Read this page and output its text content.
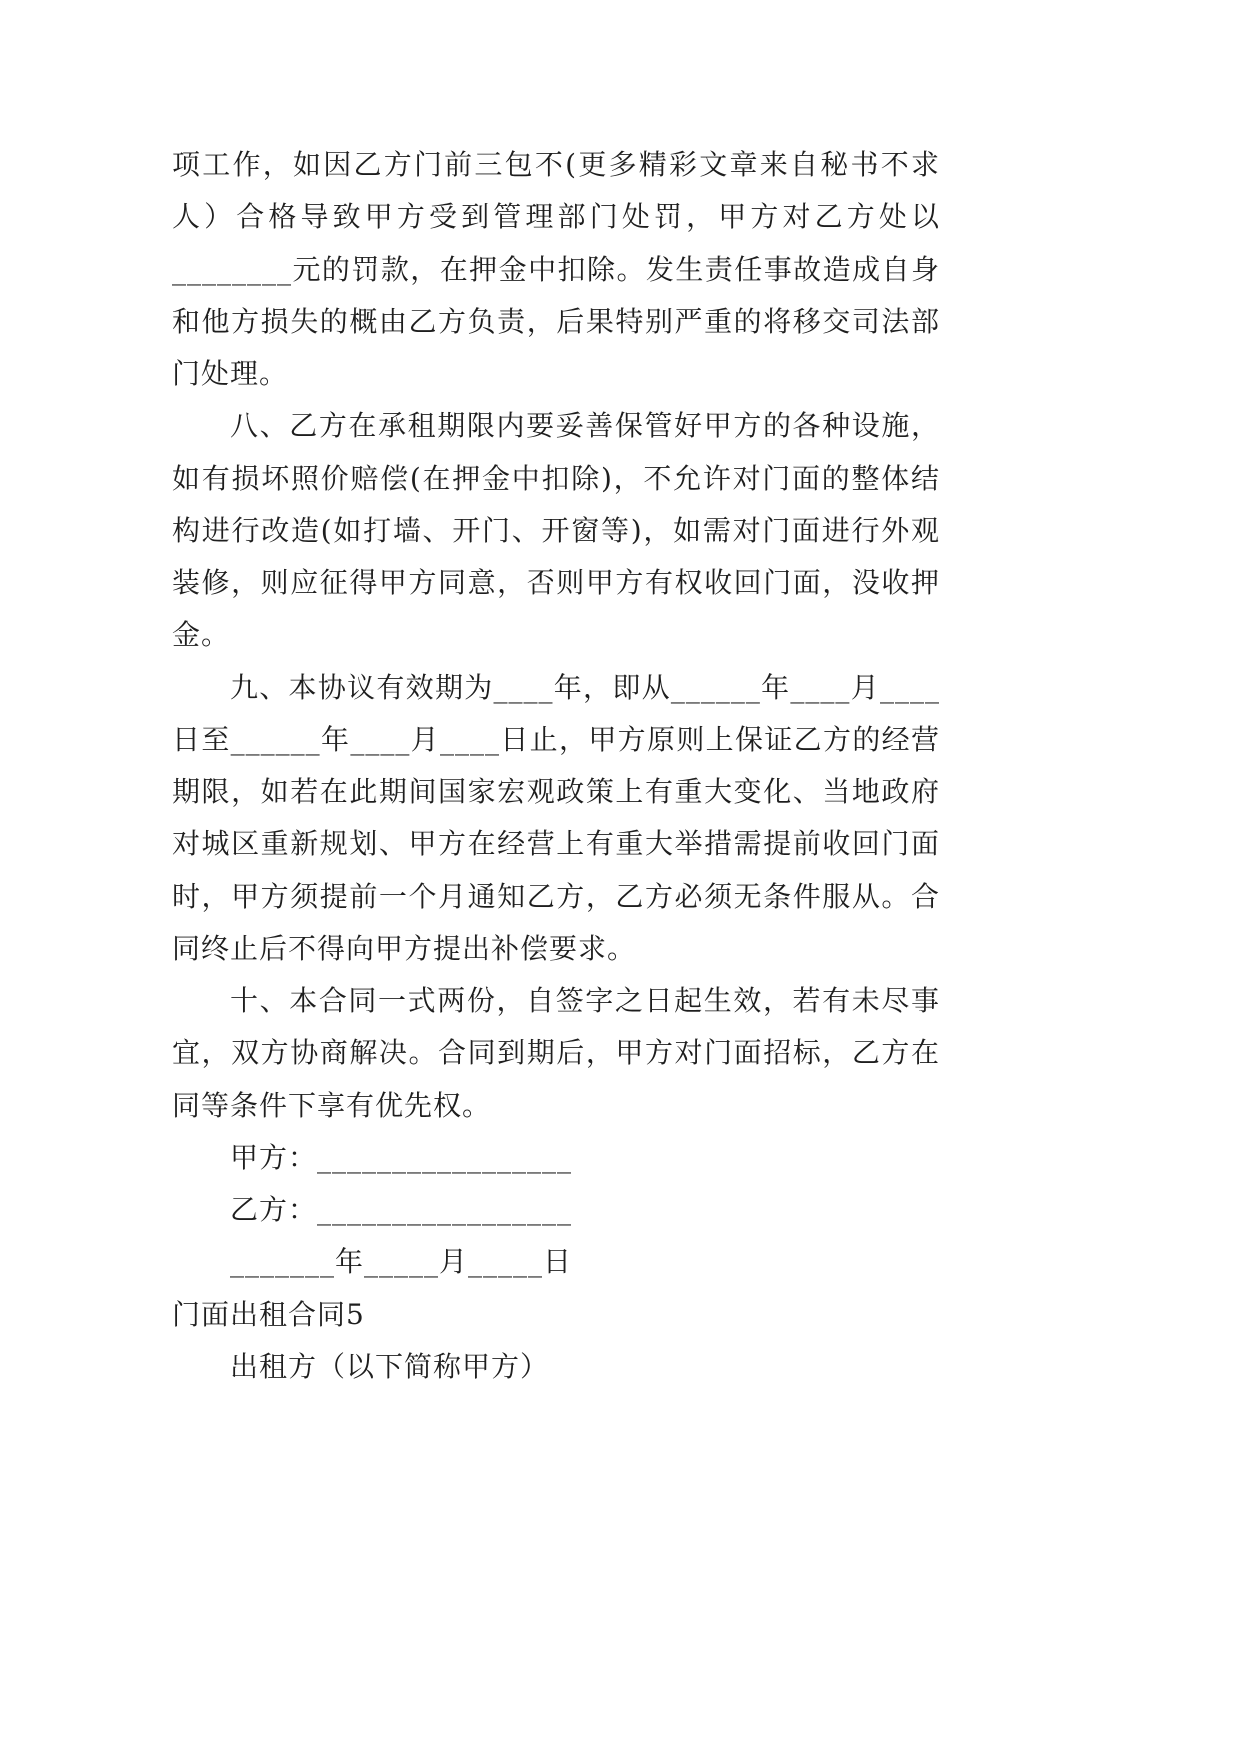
项工作，如因乙方门前三包不(更多精彩文章来自秘书不求
人）合格导致甲方受到管理部门处罚，甲方对乙方处以
________元的罚款，在押金中扣除。发生责任事故造成自身
和他方损失的概由乙方负责，后果特别严重的将移交司法部
门处理。
八、乙方在承租期限内要妥善保管好甲方的各种设施，
如有损坏照价赔偿(在押金中扣除)，不允许对门面的整体结
构进行改造(如打墙、开门、开窗等)，如需对门面进行外观
装修，则应征得甲方同意，否则甲方有权收回门面，没收押
金。
九、本协议有效期为____年，即从______年____月____
日至______年____月____日止，甲方原则上保证乙方的经营
期限，如若在此期间国家宏观政策上有重大变化、当地政府
对城区重新规划、甲方在经营上有重大举措需提前收回门面
时，甲方须提前一个月通知乙方，乙方必须无条件服从。合
同终止后不得向甲方提出补偿要求。
十、本合同一式两份，自签字之日起生效，若有未尽事
宜，双方协商解决。合同到期后，甲方对门面招标，乙方在
同等条件下享有优先权。
甲方：_________________
乙方：_________________
_______年_____月_____日
门面出租合同5
出租方（以下简称甲方）
